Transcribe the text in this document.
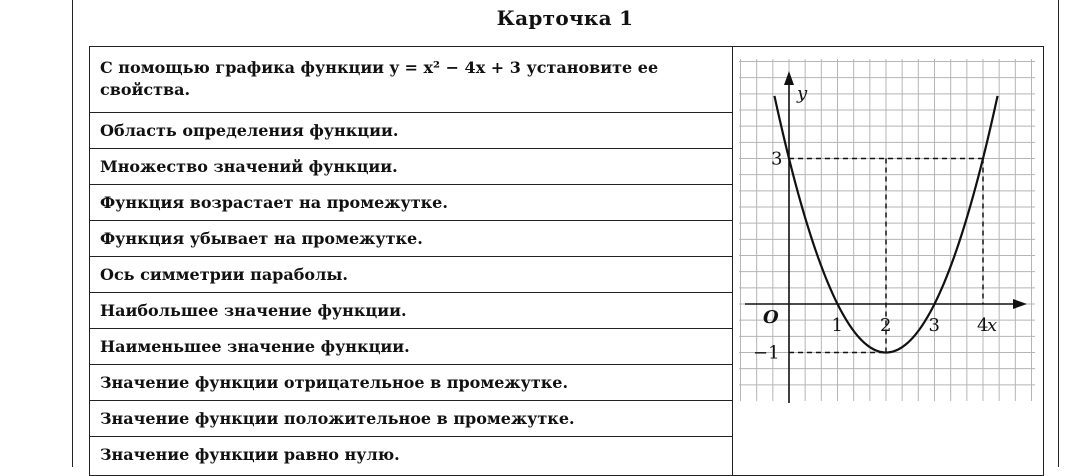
Карточка 1
С помощью графика функции y = x² − 4x + 3 установите ее свойства.
Область определения функции.
Множество значений функции.
Функция возрастает на промежутке.
Функция убывает на промежутке.
Ось симметрии параболы.
Наибольшее значение функции.
Наименьшее значение функции.
Значение функции отрицательное в промежутке.
Значение функции положительное в промежутке.
Значение функции равно нулю.
y
x
O	1 2 3 4
3
−1
